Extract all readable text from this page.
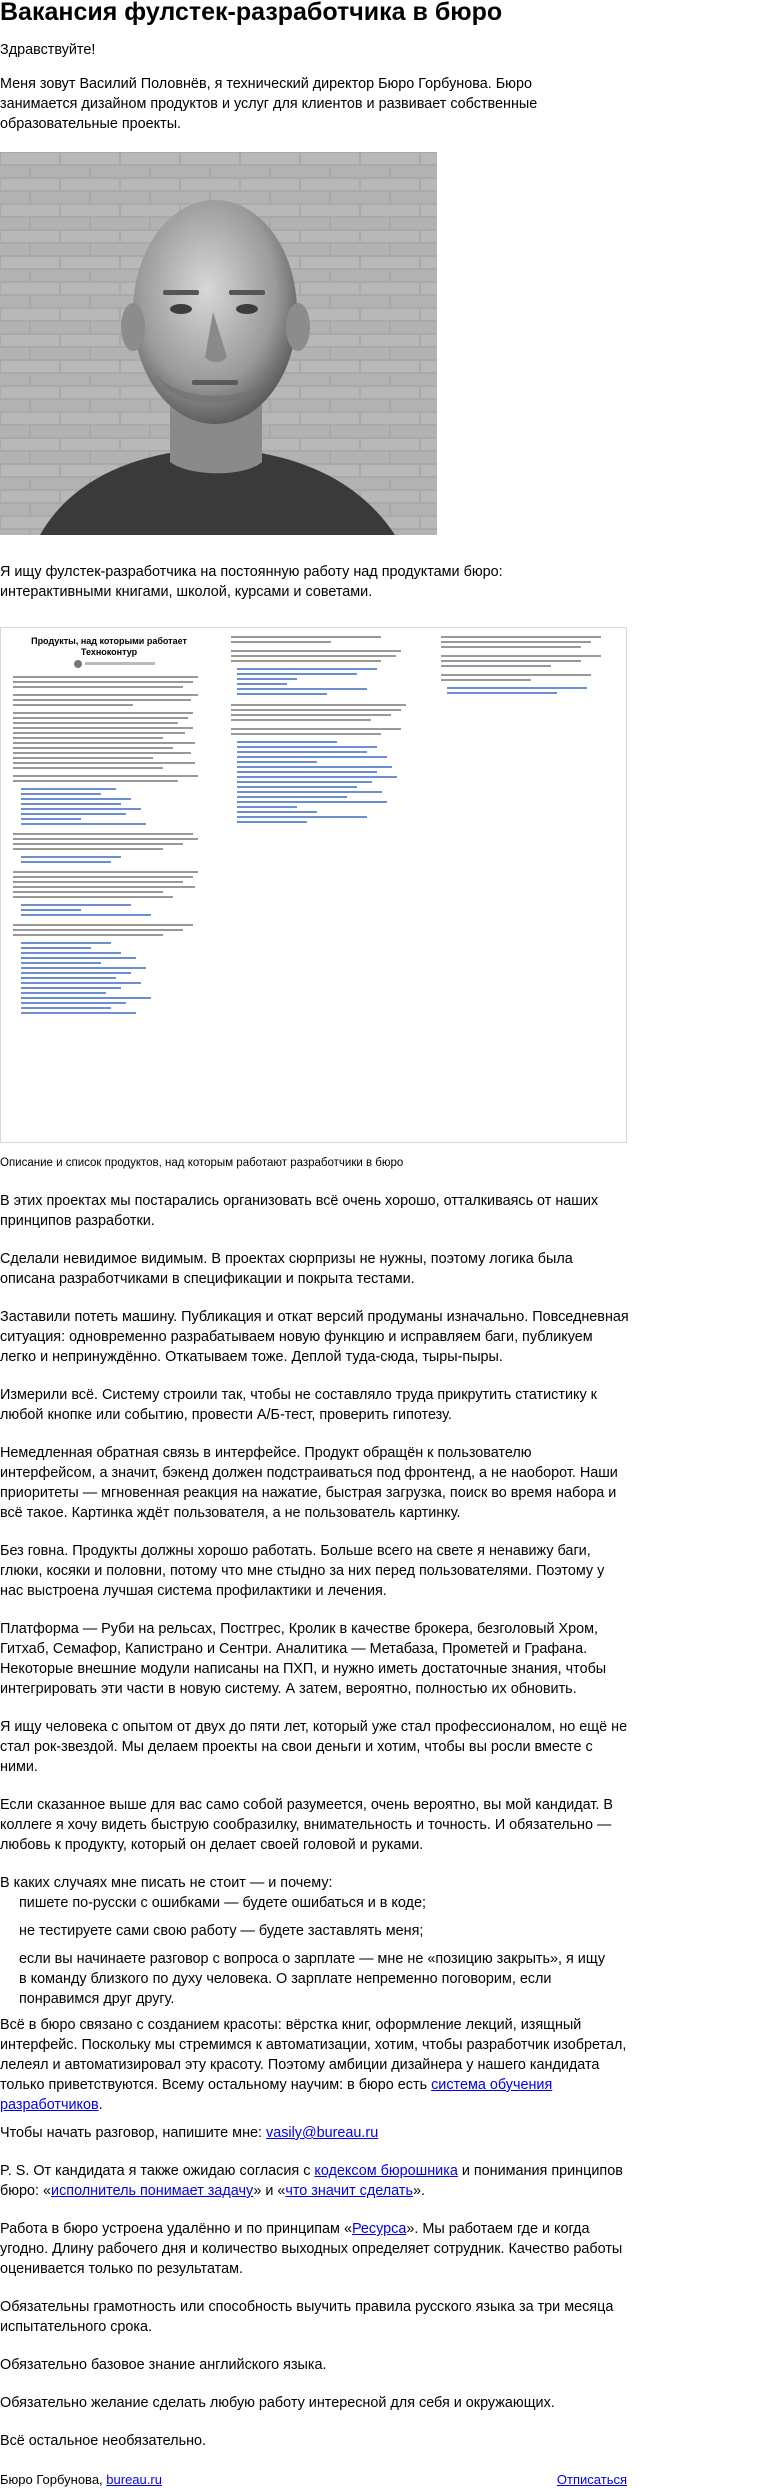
Вакансия фулстек-разработчика в бюро

Здравствуйте!

Меня зовут Василий Половнёв, я технический директор Бюро Горбунова. Бюро занимается дизайном продуктов и услуг для клиентов и развивает собственные образовательные проекты.

Я ищу фулстек-разработчика на постоянную работу над продуктами бюро: интерактивными книгами, школой, курсами и советами.

Продукты, над которыми работает Техноконтур
Описание и список продуктов, над которым работают разработчики в бюро

В этих проектах мы постарались организовать всё очень хорошо, отталкиваясь от наших принципов разработки.

Сделали невидимое видимым. В проектах сюрпризы не нужны, поэтому логика была описана разработчиками в спецификации и покрыта тестами.

Заставили потеть машину. Публикация и откат версий продуманы изначально. Повседневная ситуация: одновременно разрабатываем новую функцию и исправляем баги, публикуем легко и непринуждённо. Откатываем тоже. Деплой туда-сюда, тыры-пыры.

Измерили всё. Систему строили так, чтобы не составляло труда прикрутить статистику к любой кнопке или событию, провести А/Б-тест, проверить гипотезу.

Немедленная обратная связь в интерфейсе. Продукт обращён к пользователю интерфейсом, а значит, бэкенд должен подстраиваться под фронтенд, а не наоборот. Наши приоритеты — мгновенная реакция на нажатие, быстрая загрузка, поиск во время набора и всё такое. Картинка ждёт пользователя, а не пользователь картинку.

Без говна. Продукты должны хорошо работать. Больше всего на свете я ненавижу баги, глюки, косяки и половни, потому что мне стыдно за них перед пользователями. Поэтому у нас выстроена лучшая система профилактики и лечения.

Платформа — Руби на рельсах, Постгрес, Кролик в качестве брокера, безголовый Хром, Гитхаб, Семафор, Капистрано и Сентри. Аналитика — Метабаза, Прометей и Графана. Некоторые внешние модули написаны на ПХП, и нужно иметь достаточные знания, чтобы интегрировать эти части в новую систему. А затем, вероятно, полностью их обновить.

Я ищу человека с опытом от двух до пяти лет, который уже стал профессионалом, но ещё не стал рок-звездой. Мы делаем проекты на свои деньги и хотим, чтобы вы росли вместе с ними.

Если сказанное выше для вас само собой разумеется, очень вероятно, вы мой кандидат. В коллеге я хочу видеть быструю сообразилку, внимательность и точность. И обязательно — любовь к продукту, который он делает своей головой и руками.

В каких случаях мне писать не стоит — и почему:

пишете по-русски с ошибками — будете ошибаться и в коде;
не тестируете сами свою работу — будете заставлять меня;
если вы начинаете разговор с вопроса о зарплате — мне не «позицию закрыть», я ищу в команду близкого по духу человека. О зарплате непременно поговорим, если понравимся друг другу.

Всё в бюро связано с созданием красоты: вёрстка книг, оформление лекций, изящный интерфейс. Поскольку мы стремимся к автоматизации, хотим, чтобы разработчик изобретал, лелеял и автоматизировал эту красоту. Поэтому амбиции дизайнера у нашего кандидата только приветствуются. Всему остальному научим: в бюро есть система обучения разработчиков.

Чтобы начать разговор, напишите мне: vasily@bureau.ru

P. S. От кандидата я также ожидаю согласия с кодексом бюрошника и понимания принципов бюро: «исполнитель понимает задачу» и «что значит сделать».

Работа в бюро устроена удалённо и по принципам «Ресурса». Мы работаем где и когда угодно. Длину рабочего дня и количество выходных определяет сотрудник. Качество работы оценивается только по результатам.

Обязательны грамотность или способность выучить правила русского языка за три месяца испытательного срока.

Обязательно базовое знание английского языка.

Обязательно желание сделать любую работу интересной для себя и окружающих.

Всё остальное необязательно.

Бюро Горбунова, bureau.ru	Отписаться
